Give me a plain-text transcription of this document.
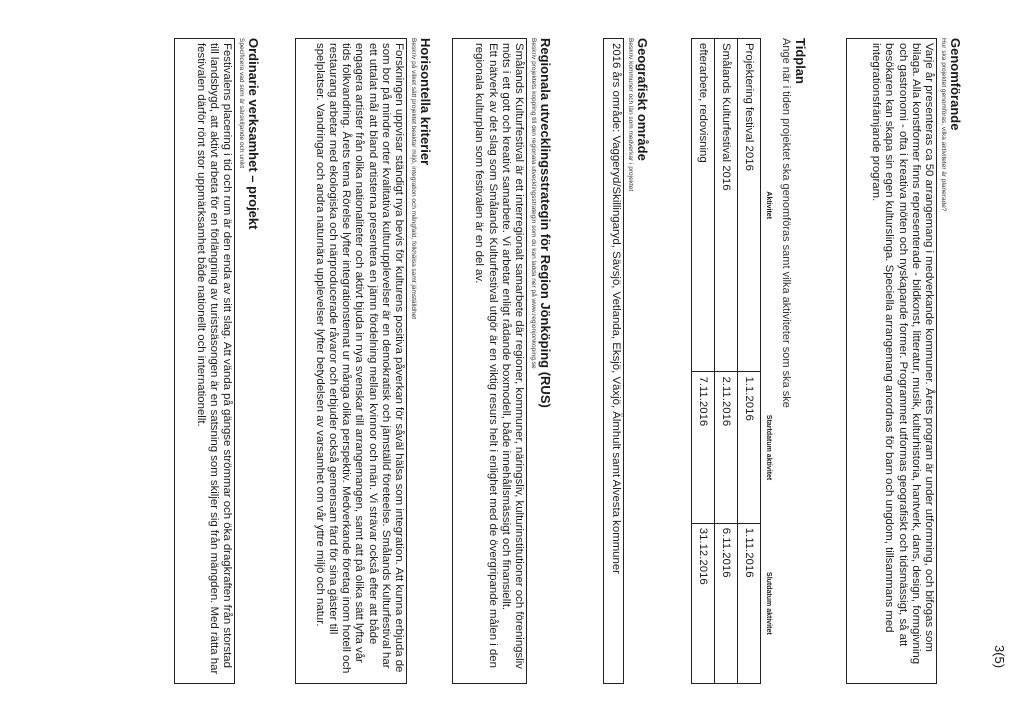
3(5)
Genomförande
Hur ska projektet genomföras, vilka aktiviteter är planerade?

Varje år presenteras ca 50 arrangemang i medverkande kommuner. Årets program är under utformning, och bifogas som bilaga. Alla konstformer finns representerade - bildkonst, litteratur, musik, kulturhistoria, hantverk, dans, design, formgivning och gastronomi - ofta i kreativa möten och nyskapande former. Programmet utformas geografiskt och tidsmässigt, så att besökaren kan skapa sin egen kulturslinga. Speciella arrangemang anordnas för barn och ungdom, tillsammans med integrationsfrämjande program.

Tidplan
Ange när i tiden projektet ska genomföras samt vilka aktiviteter som ska ske
Aktivitet	Startdatum aktivitet	Slutdatum aktivitet
Projektering festival 2016	1.1.2016	1.11.2016
Smålands Kulturfestival 2016	2.11.2016	6.11.2016
efterarbete, redovisning	7.11.2016	31.12.2016
Geografiskt område
Beskriv kommuner och län som medverkar i projektet

2016 års område: Vaggeryd/Skillingaryd, Sävsjö, Vetlanda, Eksjö, Växjö, Älmhult samt Alvesta kommuner

Regionala utvecklingsstrategin för Region Jönköping (RUS)
Beskriv projektets koppling till den regionala utvecklingsstrategin som du kan ladda ner på www.regionjonkoping.se

Smålands Kulturfestival är ett interregionalt samarbete där regioner, kommuner, näringsliv, kulturinstitutioner och föreningsliv möts i ett gott och kreativt samarbete. Vi arbetar enligt rådande boxmodell, både innehållsmässigt och finansiellt.

Ett nätverk av det slag som Smålands Kulturfestival utgör är en viktig resurs helt i enlighet med de övergripande målen i den regionala kulturplan som festivalen är en del av.

Horisontella kriterier
Beskriv på vilket sätt projektet beaktar miljö, integration och mångfald, folkhälsa samt jämställdhet

Forskningen uppvisar ständigt nya bevis för kulturens positiva påverkan för såväl hälsa som integration. Att kunna erbjuda de som bor på mindre orter kvalitativa kulturupplevelser är en demokratisk och jämställd företeelse. Smålands Kulturfestival har ett uttalat mål att bland artisterna presentera en jämn fördelning mellan kvinnor och män. Vi strävar också efter att både engagera artister från olika nationaliteter och aktivt bjuda in nya svenskar till arrangemangen, samt att på olika sätt lyfta vår tids folkvandring. Årets tema Rörelse lyfter integrationstemat ur många olika perspektiv. Medverkande företag inom hotell och restaurang arbetar med ekologiska och närproducerade råvaror och erbjuder också gemensam färd för sina gäster till spelplatser. Vandringar och andra naturnära upplevelser lyfter betydelsen av varsamhet om vår yttre miljö och natur.

Ordinarie verksamhet – projekt
Specificera vad som är särskiljande och unikt

Festivalens placering i tid och rum är den enda av sitt slag. Att vända på gängse strömmar och öka dragkraften från storstad till landsbygd, att aktivt arbeta för en förlängning av turistsäsongen är en satsning som skiljer sig från mängden. Med rätta har festivalen därför rönt stor uppmärksamhet både nationellt och internationellt.
